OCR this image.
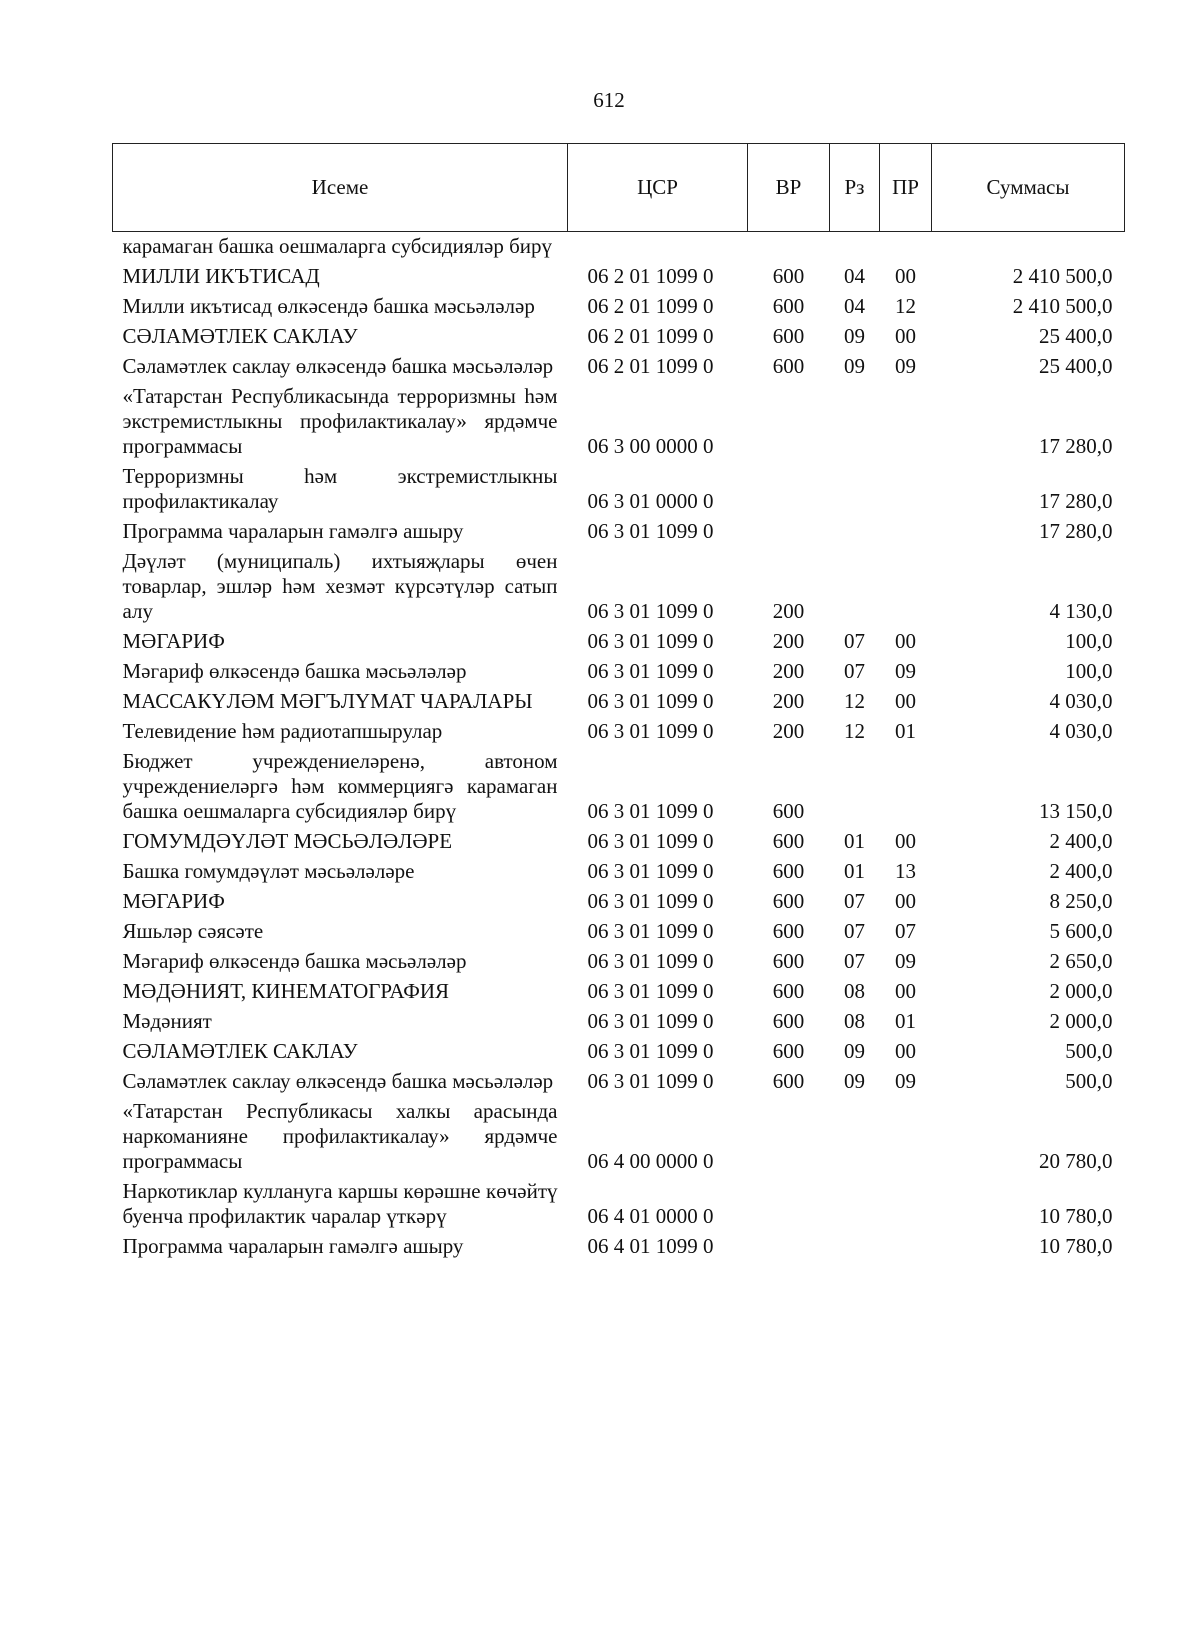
612
Исеме	ЦСР	ВР	Рз	ПР	Суммасы
карамаган башка оешмаларга субсидияләр бирү					
МИЛЛИ ИКЪТИСАД	06 2 01 1099 0	600	04	00	2 410 500,0
Милли икътисад өлкәсендә башка мәсьәләләр	06 2 01 1099 0	600	04	12	2 410 500,0
СӘЛАМӘТЛЕК САКЛАУ	06 2 01 1099 0	600	09	00	25 400,0
Сәламәтлек саклау өлкәсендә башка мәсьәләләр	06 2 01 1099 0	600	09	09	25 400,0
«Татарстан Республикасында терроризмны һәм экстремистлыкны профилактикалау» ярдәмче программасы	06 3 00 0000 0				17 280,0
Терроризмны һәм экстремистлыкны профилактикалау	06 3 01 0000 0				17 280,0
Программа чараларын гамәлгә ашыру	06 3 01 1099 0				17 280,0
Дәүләт (муниципаль) ихтыяҗлары өчен товарлар, эшләр һәм хезмәт күрсәтүләр сатып алу	06 3 01 1099 0	200			4 130,0
МӘГАРИФ	06 3 01 1099 0	200	07	00	100,0
Мәгариф өлкәсендә башка мәсьәләләр	06 3 01 1099 0	200	07	09	100,0
МАССАКҮЛӘМ МӘГЪЛҮМАТ ЧАРАЛАРЫ	06 3 01 1099 0	200	12	00	4 030,0
Телевидение һәм радиотапшырулар	06 3 01 1099 0	200	12	01	4 030,0
Бюджет учреждениеләренә, автоном учреждениеләргә һәм коммерциягә карамаган башка оешмаларга субсидияләр бирү	06 3 01 1099 0	600			13 150,0
ГОМУМДӘҮЛӘТ МӘСЬӘЛӘЛӘРЕ	06 3 01 1099 0	600	01	00	2 400,0
Башка гомумдәүләт мәсьәләләре	06 3 01 1099 0	600	01	13	2 400,0
МӘГАРИФ	06 3 01 1099 0	600	07	00	8 250,0
Яшьләр сәясәте	06 3 01 1099 0	600	07	07	5 600,0
Мәгариф өлкәсендә башка мәсьәләләр	06 3 01 1099 0	600	07	09	2 650,0
МӘДӘНИЯТ, КИНЕМАТОГРАФИЯ	06 3 01 1099 0	600	08	00	2 000,0
Мәдәният	06 3 01 1099 0	600	08	01	2 000,0
СӘЛАМӘТЛЕК САКЛАУ	06 3 01 1099 0	600	09	00	500,0
Сәламәтлек саклау өлкәсендә башка мәсьәләләр	06 3 01 1099 0	600	09	09	500,0
«Татарстан Республикасы халкы арасында наркоманияне профилактикалау» ярдәмче программасы	06 4 00 0000 0				20 780,0
Наркотиклар куллануга каршы көрәшне көчәйтү буенча профилактик чаралар үткәрү	06 4 01 0000 0				10 780,0
Программа чараларын гамәлгә ашыру	06 4 01 1099 0				10 780,0
